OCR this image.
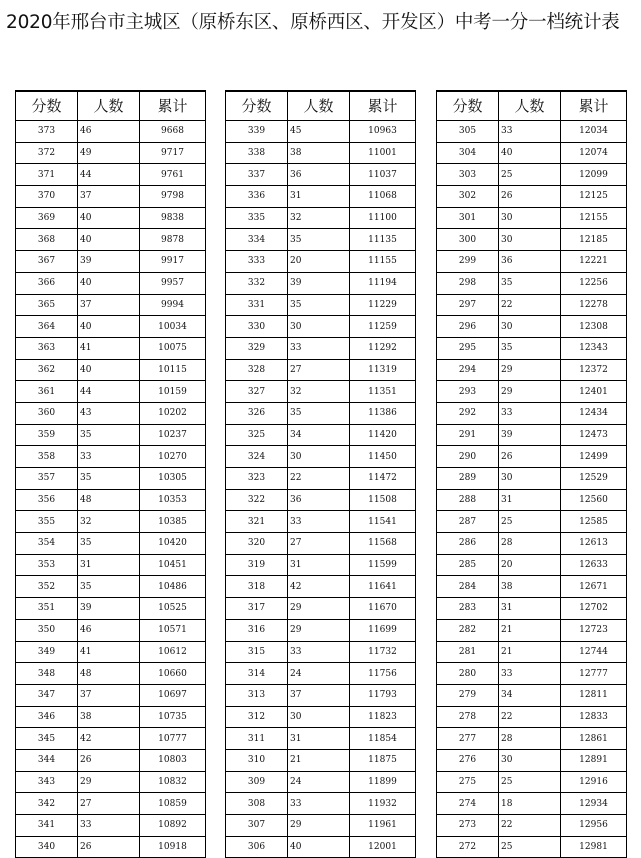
2020年邢台市主城区（原桥东区、原桥西区、开发区）中考一分一档统计表
分数	人数	累计
373	46	9668
372	49	9717
371	44	9761
370	37	9798
369	40	9838
368	40	9878
367	39	9917
366	40	9957
365	37	9994
364	40	10034
363	41	10075
362	40	10115
361	44	10159
360	43	10202
359	35	10237
358	33	10270
357	35	10305
356	48	10353
355	32	10385
354	35	10420
353	31	10451
352	35	10486
351	39	10525
350	46	10571
349	41	10612
348	48	10660
347	37	10697
346	38	10735
345	42	10777
344	26	10803
343	29	10832
342	27	10859
341	33	10892
340	26	10918
分数	人数	累计
339	45	10963
338	38	11001
337	36	11037
336	31	11068
335	32	11100
334	35	11135
333	20	11155
332	39	11194
331	35	11229
330	30	11259
329	33	11292
328	27	11319
327	32	11351
326	35	11386
325	34	11420
324	30	11450
323	22	11472
322	36	11508
321	33	11541
320	27	11568
319	31	11599
318	42	11641
317	29	11670
316	29	11699
315	33	11732
314	24	11756
313	37	11793
312	30	11823
311	31	11854
310	21	11875
309	24	11899
308	33	11932
307	29	11961
306	40	12001
分数	人数	累计
305	33	12034
304	40	12074
303	25	12099
302	26	12125
301	30	12155
300	30	12185
299	36	12221
298	35	12256
297	22	12278
296	30	12308
295	35	12343
294	29	12372
293	29	12401
292	33	12434
291	39	12473
290	26	12499
289	30	12529
288	31	12560
287	25	12585
286	28	12613
285	20	12633
284	38	12671
283	31	12702
282	21	12723
281	21	12744
280	33	12777
279	34	12811
278	22	12833
277	28	12861
276	30	12891
275	25	12916
274	18	12934
273	22	12956
272	25	12981
